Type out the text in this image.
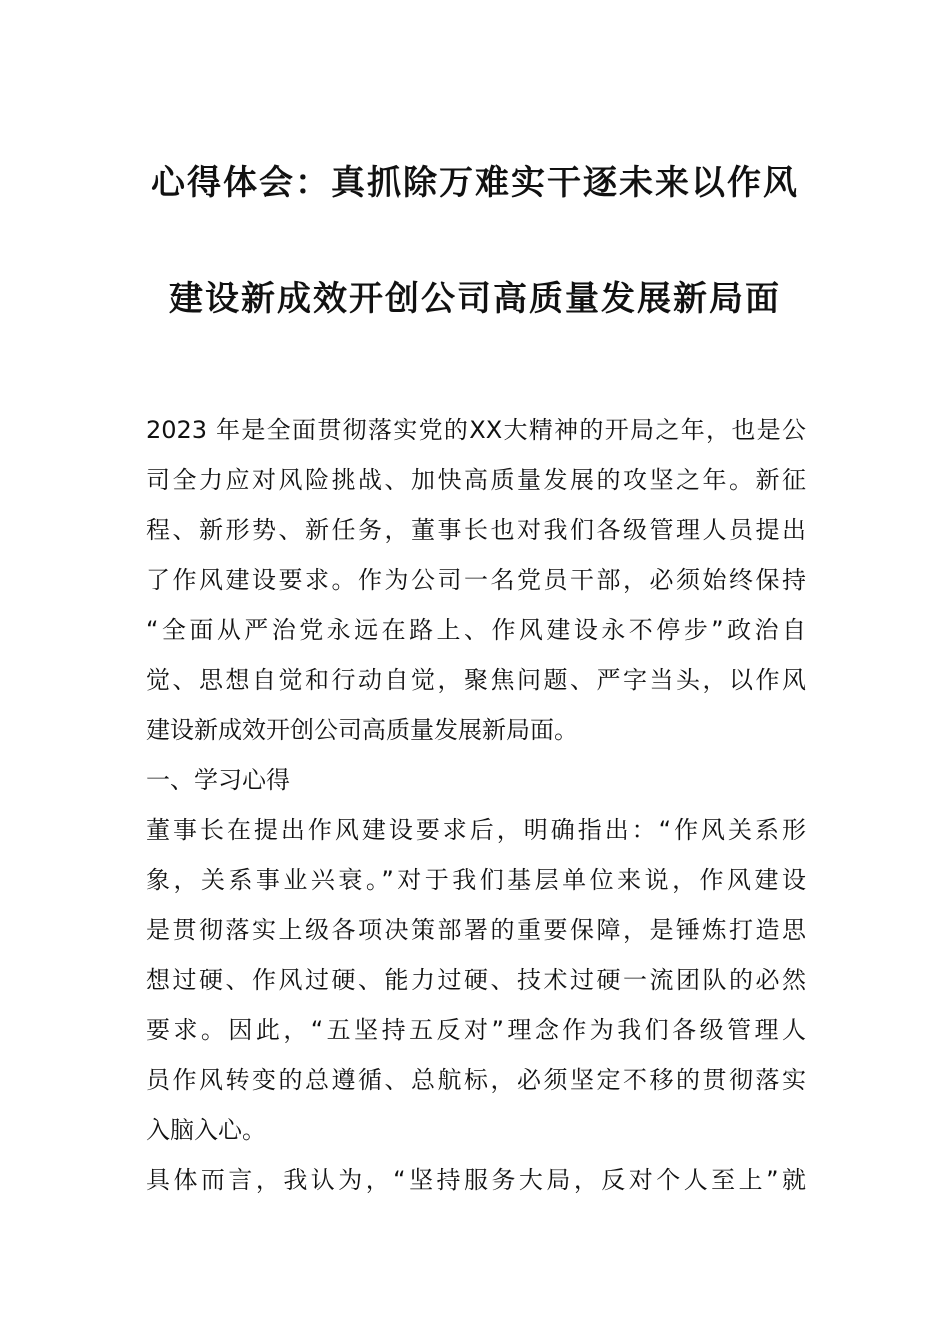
心得体会：真抓除万难实干逐未来以作风
建设新成效开创公司高质量发展新局面
2023 年是全面贯彻落实党的XX大精神的开局之年，也是公
司全力应对风险挑战、加快高质量发展的攻坚之年。新征
程、新形势、新任务，董事长也对我们各级管理人员提出
了作风建设要求。作为公司一名党员干部，必须始终保持
“全面从严治党永远在路上、作风建设永不停步”政治自
觉、思想自觉和行动自觉，聚焦问题、严字当头，以作风
建设新成效开创公司高质量发展新局面。
一、学习心得
董事长在提出作风建设要求后，明确指出：“作风关系形
象，关系事业兴衰。”对于我们基层单位来说，作风建设
是贯彻落实上级各项决策部署的重要保障，是锤炼打造思
想过硬、作风过硬、能力过硬、技术过硬一流团队的必然
要求。因此，“五坚持五反对”理念作为我们各级管理人
员作风转变的总遵循、总航标，必须坚定不移的贯彻落实
入脑入心。
具体而言，我认为，“坚持服务大局，反对个人至上”就
